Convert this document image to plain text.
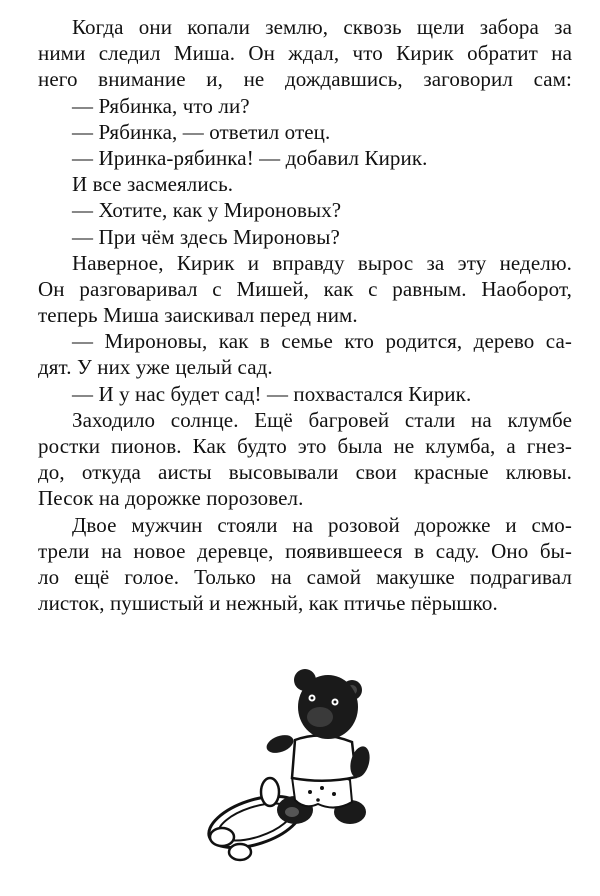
Когда они копали землю, сквозь щели забора за
ними следил Миша. Он ждал, что Кирик обратит на
него внимание и, не дождавшись, заговорил сам:
— Рябинка, что ли?
— Рябинка, — ответил отец.
— Иринка-рябинка! — добавил Кирик.
И все засмеялись.
— Хотите, как у Мироновых?
— При чём здесь Мироновы?
Наверное, Кирик и вправду вырос за эту неделю.
Он разговаривал с Мишей, как с равным. Наоборот,
теперь Миша заискивал перед ним.
— Мироновы, как в семье кто родится, дерево са-
дят. У них уже целый сад.
— И у нас будет сад! — похвастался Кирик.
Заходило солнце. Ещё багровей стали на клумбе
ростки пионов. Как будто это была не клумба, а гнез-
до, откуда аисты высовывали свои красные клювы.
Песок на дорожке порозовел.
Двое мужчин стояли на розовой дорожке и смо-
трели на новое деревце, появившееся в саду. Оно бы-
ло ещё голое. Только на самой макушке подрагивал
листок, пушистый и нежный, как птичье пёрышко.
